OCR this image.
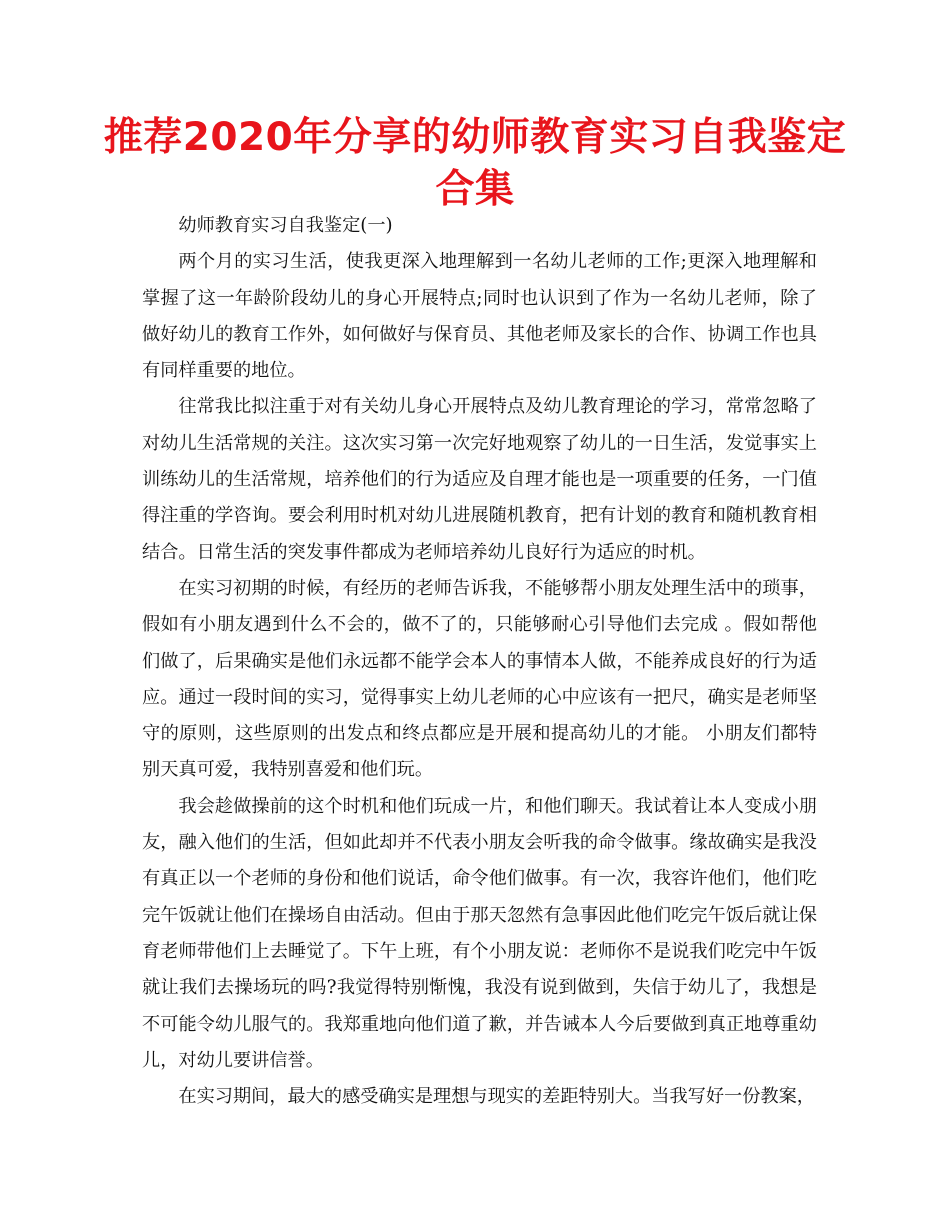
推荐2020年分享的幼师教育实习自我鉴定合集

幼师教育实习自我鉴定(一)

两个月的实习生活，使我更深入地理解到一名幼儿老师的工作;更深入地理解和掌握了这一年龄阶段幼儿的身心开展特点;同时也认识到了作为一名幼儿老师，除了做好幼儿的教育工作外，如何做好与保育员、其他老师及家长的合作、协调工作也具有同样重要的地位。

往常我比拟注重于对有关幼儿身心开展特点及幼儿教育理论的学习，常常忽略了对幼儿生活常规的关注。这次实习第一次完好地观察了幼儿的一日生活，发觉事实上训练幼儿的生活常规，培养他们的行为适应及自理才能也是一项重要的任务，一门值得注重的学咨询。要会利用时机对幼儿进展随机教育，把有计划的教育和随机教育相结合。日常生活的突发事件都成为老师培养幼儿良好行为适应的时机。

在实习初期的时候，有经历的老师告诉我，不能够帮小朋友处理生活中的琐事，假如有小朋友遇到什么不会的，做不了的，只能够耐心引导他们去完成 。假如帮他们做了，后果确实是他们永远都不能学会本人的事情本人做，不能养成良好的行为适应。通过一段时间的实习，觉得事实上幼儿老师的心中应该有一把尺，确实是老师坚守的原则，这些原则的出发点和终点都应是开展和提高幼儿的才能。 小朋友们都特别天真可爱，我特别喜爱和他们玩。

我会趁做操前的这个时机和他们玩成一片，和他们聊天。我试着让本人变成小朋友，融入他们的生活，但如此却并不代表小朋友会听我的命令做事。缘故确实是我没有真正以一个老师的身份和他们说话，命令他们做事。有一次，我容许他们，他们吃完午饭就让他们在操场自由活动。但由于那天忽然有急事因此他们吃完午饭后就让保育老师带他们上去睡觉了。下午上班，有个小朋友说：老师你不是说我们吃完中午饭就让我们去操场玩的吗?我觉得特别惭愧，我没有说到做到，失信于幼儿了，我想是不可能令幼儿服气的。我郑重地向他们道了歉，并告诫本人今后要做到真正地尊重幼儿，对幼儿要讲信誉。

在实习期间，最大的感受确实是理想与现实的差距特别大。当我写好一份教案，
